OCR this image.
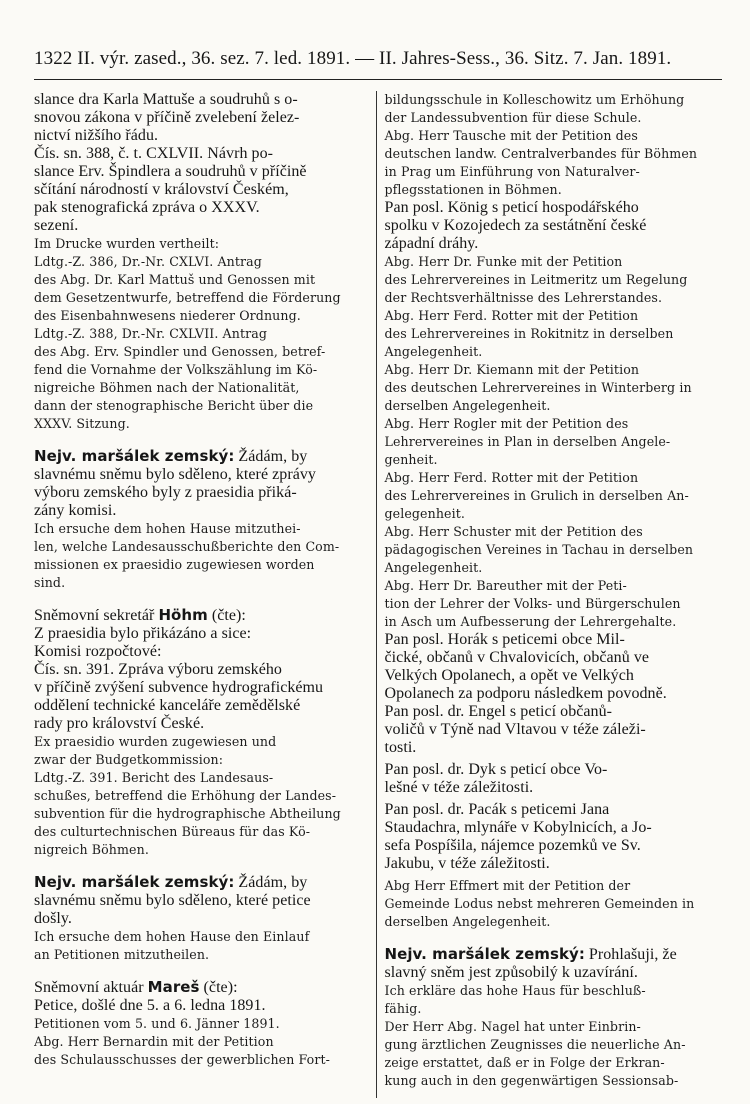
1322 II. výr. zased., 36. sez. 7. led. 1891. — II. Jahres-Sess., 36. Sitz. 7. Jan. 1891.

slance dra Karla Mattuše a soudruhů s o-
snovou zákona v příčině zvelebení želez-
nictví nižšího řádu.

Čís. sn. 388, č. t. CXLVII. Návrh po-
slance Erv. Špindlera a soudruhů v příčině
sčítání národností v království Českém,
pak stenografická zpráva o XXXV.
sezení.

Im Drucke wurden vertheilt:
Ldtg.-Z. 386, Dr.-Nr. CXLVI. Antrag
des Abg. Dr. Karl Mattuš und Genossen mit
dem Gesetzentwurfe, betreffend die Förderung
des Eisenbahnwesens niederer Ordnung.

Ldtg.-Z. 388, Dr.-Nr. CXLVII. Antrag
des Abg. Erv. Spindler und Genossen, betref-
fend die Vornahme der Volkszählung im Kö-
nigreiche Böhmen nach der Nationalität,
dann der stenographische Bericht über die
XXXV. Sitzung.

Nejv. maršálek zemský: Žádám, by
slavnému sněmu bylo sděleno, které zprávy
výboru zemského byly z praesidia přiká-
zány komisi.

Ich ersuche dem hohen Hause mitzuthei-
len, welche Landesausschußberichte den Com-
missionen ex praesidio zugewiesen worden
sind.

Sněmovní sekretář Höhm (čte):
Z praesidia bylo přikázáno a sice:
Komisi rozpočtové:
Čís. sn. 391. Zpráva výboru zemského
v příčině zvýšení subvence hydrografickému
oddělení technické kanceláře zemědělské
rady pro království České.

Ex praesidio wurden zugewiesen und
zwar der Budgetkommission:
Ldtg.-Z. 391. Bericht des Landesaus-
schußes, betreffend die Erhöhung der Landes-
subvention für die hydrographische Abtheilung
des culturtechnischen Büreaus für das Kö-
nigreich Böhmen.

Nejv. maršálek zemský: Žádám, by
slavnému sněmu bylo sděleno, které petice
došly.

Ich ersuche dem hohen Hause den Einlauf
an Petitionen mitzutheilen.

Sněmovní aktuár Mareš (čte):
Petice, došlé dne 5. a 6. ledna 1891.

Petitionen vom 5. und 6. Jänner 1891.
Abg. Herr Bernardin mit der Petition
des Schulausschusses der gewerblichen Fort-

bildungsschule in Kolleschowitz um Erhöhung
der Landessubvention für diese Schule.
Abg. Herr Tausche mit der Petition des
deutschen landw. Centralverbandes für Böhmen
in Prag um Einführung von Naturalver-
pflegsstationen in Böhmen.

Pan posl. König s peticí hospodářského
spolku v Kozojedech za sestátnění české
západní dráhy.

Abg. Herr Dr. Funke mit der Petition
des Lehrervereines in Leitmeritz um Regelung
der Rechtsverhältnisse des Lehrerstandes.
Abg. Herr Ferd. Rotter mit der Petition
des Lehrervereines in Rokitnitz in derselben
Angelegenheit.
Abg. Herr Dr. Kiemann mit der Petition
des deutschen Lehrervereines in Winterberg in
derselben Angelegenheit.
Abg. Herr Rogler mit der Petition des
Lehrervereines in Plan in derselben Angele-
genheit.
Abg. Herr Ferd. Rotter mit der Petition
des Lehrervereines in Grulich in derselben An-
gelegenheit.
Abg. Herr Schuster mit der Petition des
pädagogischen Vereines in Tachau in derselben
Angelegenheit.
Abg. Herr Dr. Bareuther mit der Peti-
tion der Lehrer der Volks- und Bürgerschulen
in Asch um Aufbesserung der Lehrergehalte.

Pan posl. Horák s peticemi obce Mil-
čické, občanů v Chvalovicích, občanů ve
Velkých Opolanech, a opět ve Velkých
Opolanech za podporu následkem povodně.

Pan posl. dr. Engel s peticí občanů-
voličů v Týně nad Vltavou v téže záleži-
tosti.

Pan posl. dr. Dyk s peticí obce Vo-
lešné v téže záležitosti.

Pan posl. dr. Pacák s peticemi Jana
Staudachra, mlynáře v Kobylnicích, a Jo-
sefa Pospíšila, nájemce pozemků ve Sv.
Jakubu, v téže záležitosti.

Abg Herr Effmert mit der Petition der
Gemeinde Lodus nebst mehreren Gemeinden in
derselben Angelegenheit.

Nejv. maršálek zemský: Prohlašuji, že
slavný sněm jest způsobilý k uzavírání.

Ich erkläre das hohe Haus für beschluß-
fähig.
Der Herr Abg. Nagel hat unter Einbrin-
gung ärztlichen Zeugnisses die neuerliche An-
zeige erstattet, daß er in Folge der Erkran-
kung auch in den gegenwärtigen Sessionsab-
